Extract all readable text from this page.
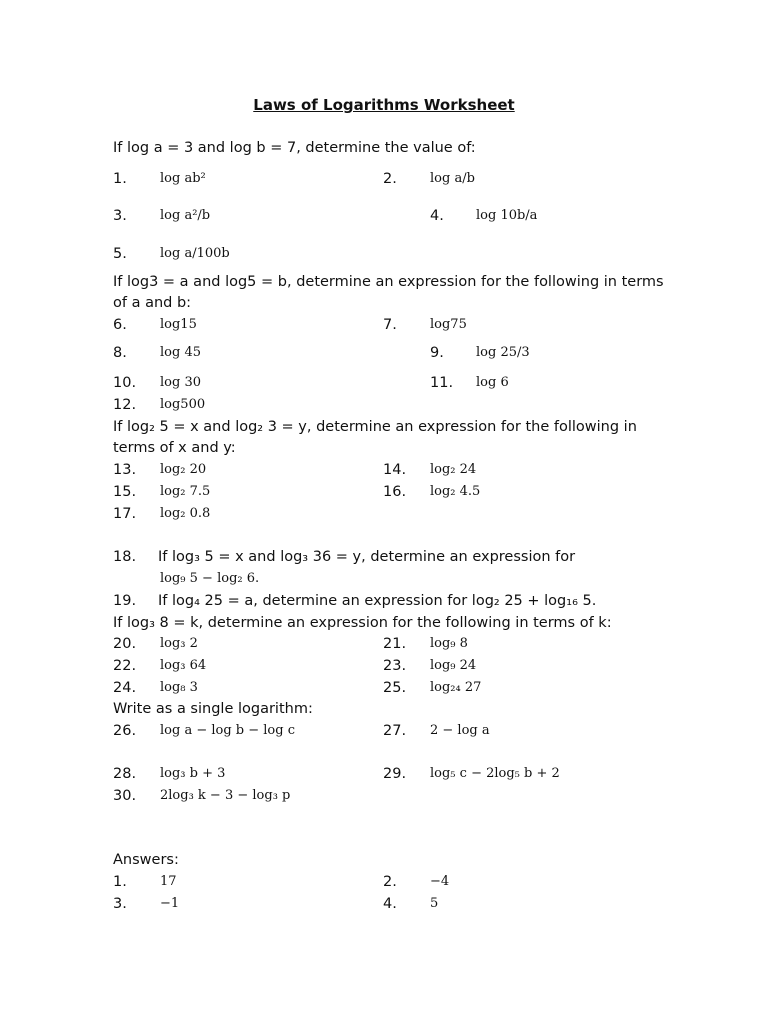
Laws of Logarithms Worksheet
If log a = 3 and log b = 7, determine the value of:
1.	log ab²	2.	log a/b
3.	log a²/b	4. log 10b/a
5.	log a/100b
If log3 = a and log5 = b, determine an expression for the following in terms
of a and b:
6.	log15	7.	log75
8.	log 45	9. log 25/3
10. log 30	11. log 6
12. log500
If log₂ 5 = x and log₂ 3 = y, determine an expression for the following in
terms of x and y:
13. log₂ 20	14. log₂ 24
15. log₂ 7.5	16. log₂ 4.5
17. log₂ 0.8
18. If log₃ 5 = x and log₃ 36 = y, determine an expression for
log₉ 5 − log₂ 6.
19. If log₄ 25 = a, determine an expression for log₂ 25 + log₁₆ 5.
If log₃ 8 = k, determine an expression for the following in terms of k:
20. log₃ 2	21. log₉ 8
22. log₃ 64	23. log₉ 24
24. log₈ 3	25. log₂₄ 27
Write as a single logarithm:
26. log a − log b − log c	27. 2 − log a
28. log₃ b + 3	29. log₅ c − 2log₅ b + 2
30. 2log₃ k − 3 − log₃ p
Answers:
1.	17	2.	−4
3.	−1	4.	5
If log a = 3 and log b = 7, determine the value of: If log3 = a and log5 = b, determine an expression for the following in terms of a and b: If log₂ 5 = x and log₂ 3 = y, determine an expression for the following in terms of x and y: If log₃ 8 = k, determine an expression for the following in terms of k: Write as a single logarithm:
